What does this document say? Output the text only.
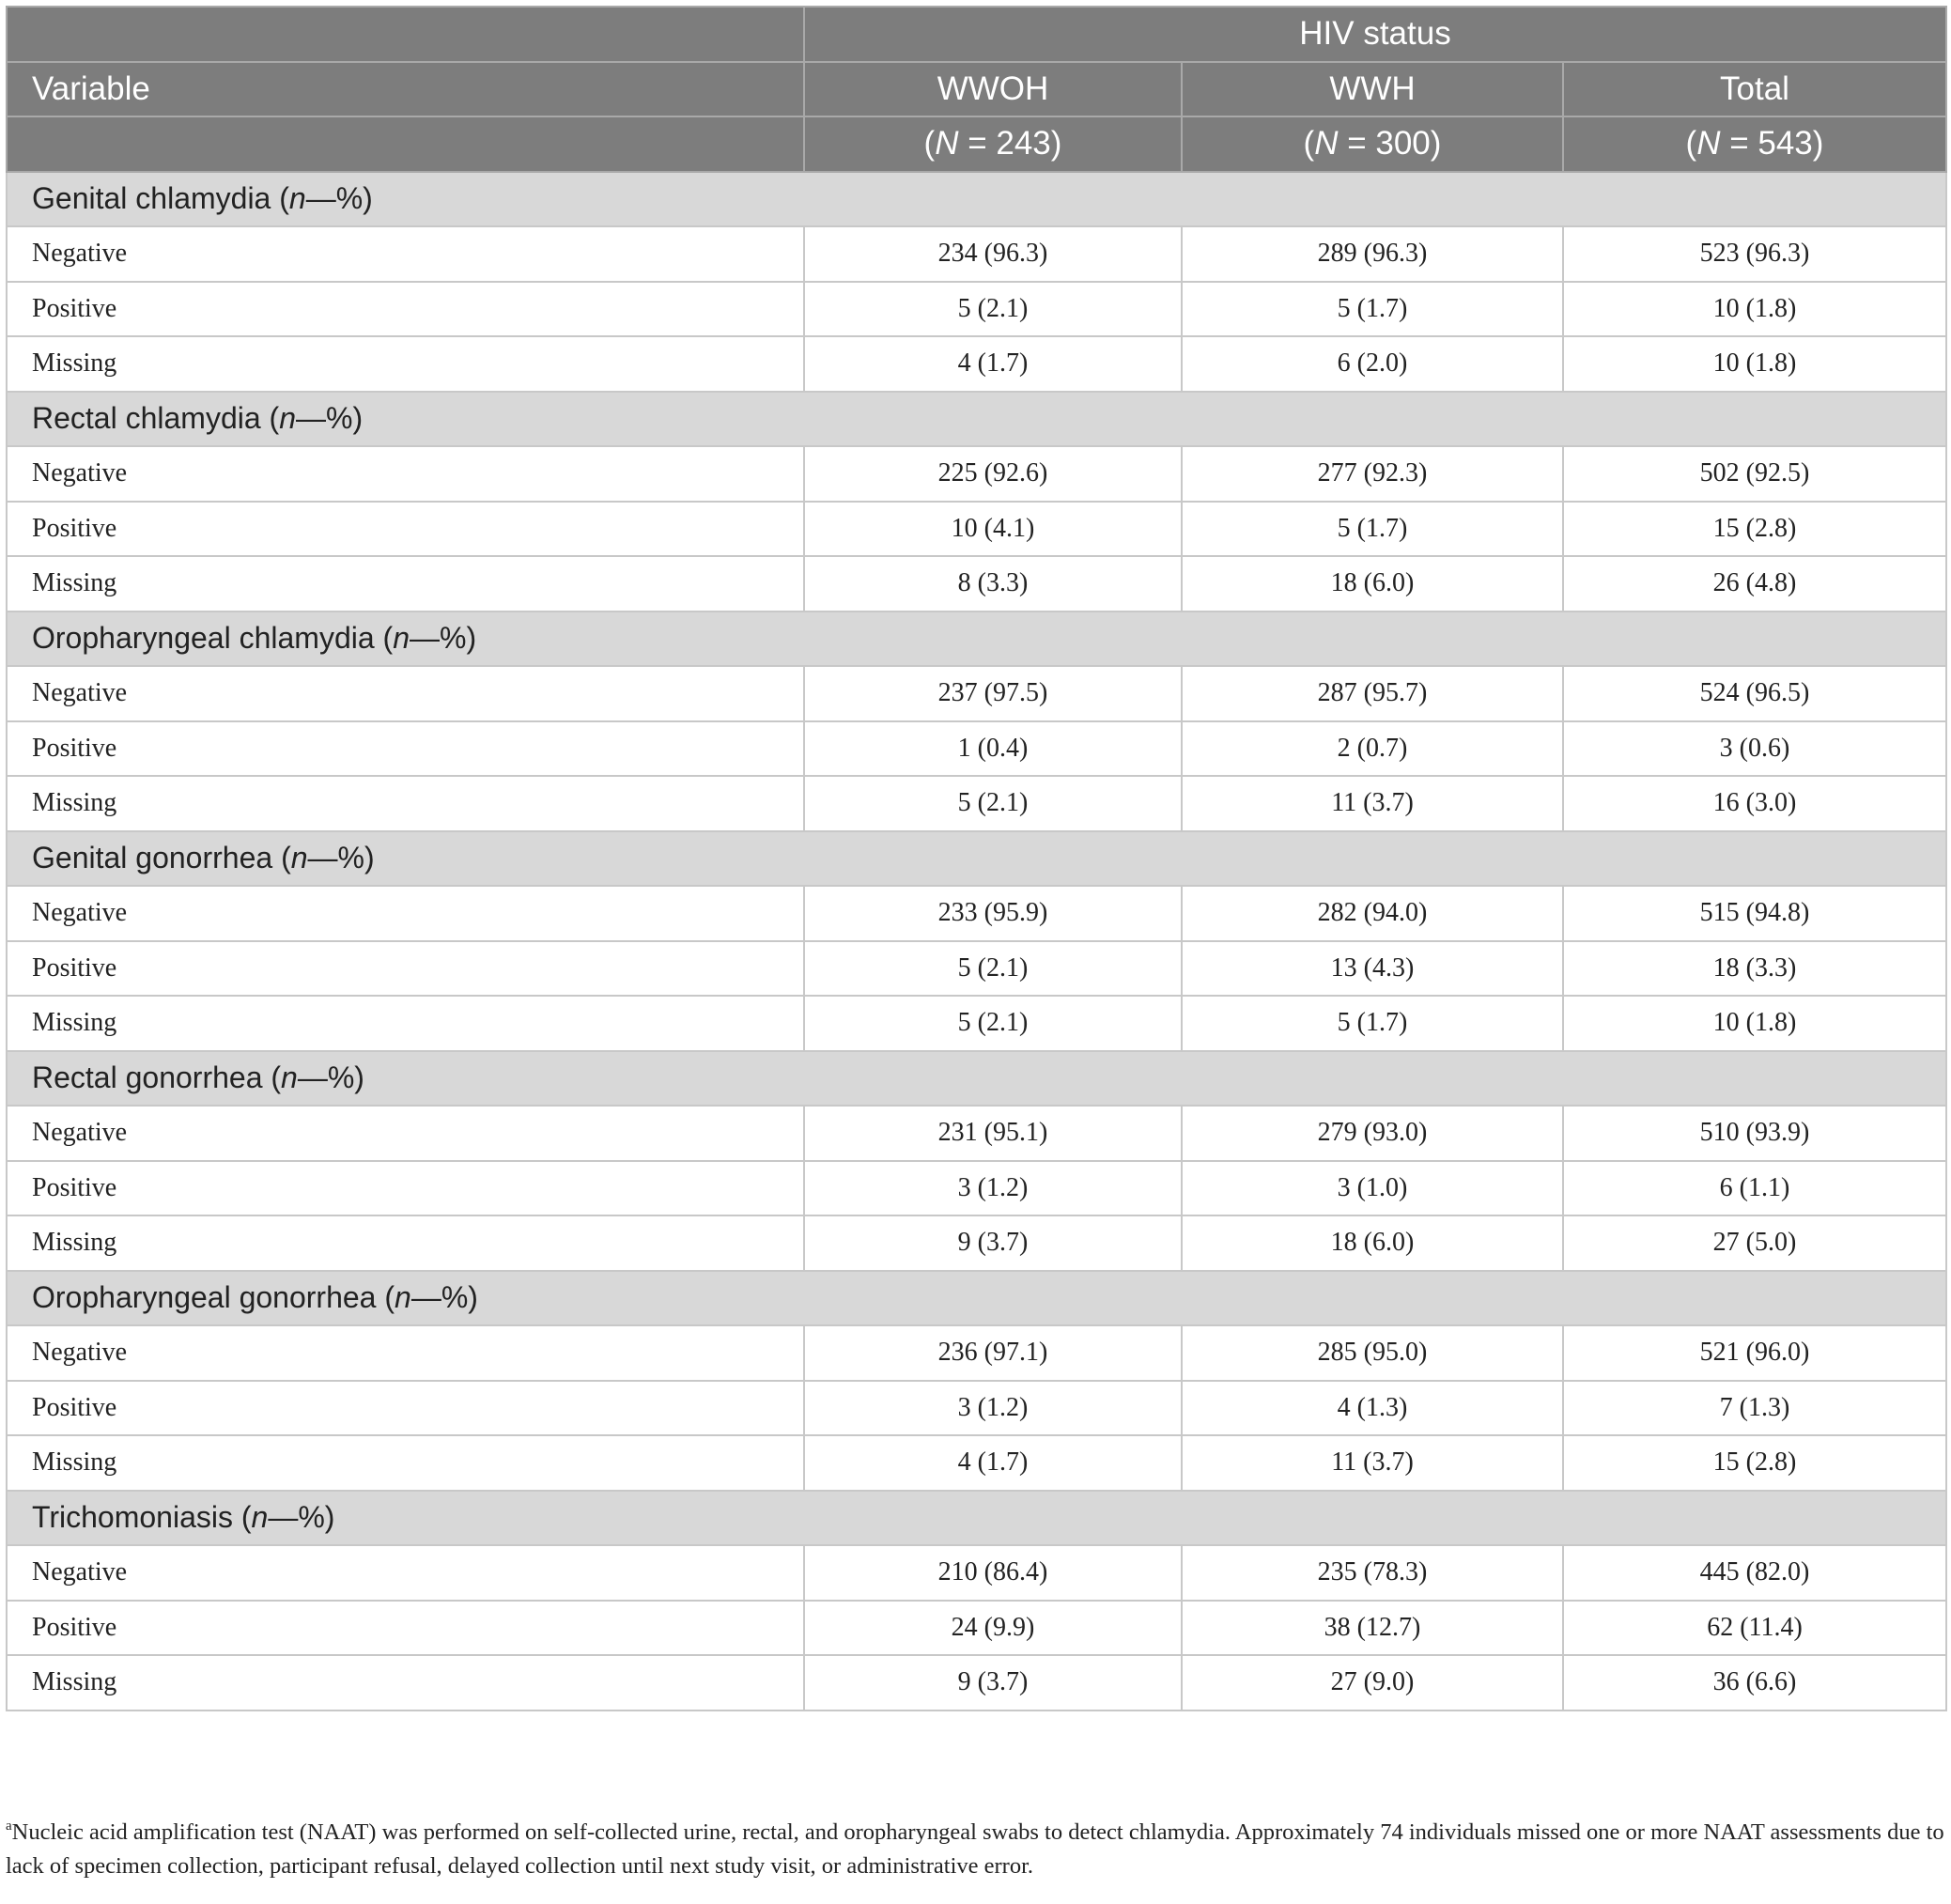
	HIV status		
Variable	WWOH	WWH	Total
	(N = 243)	(N = 300)	(N = 543)
Genital chlamydia (n—%)			
Negative	234 (96.3)	289 (96.3)	523 (96.3)
Positive	5 (2.1)	5 (1.7)	10 (1.8)
Missing	4 (1.7)	6 (2.0)	10 (1.8)
Rectal chlamydia (n—%)			
Negative	225 (92.6)	277 (92.3)	502 (92.5)
Positive	10 (4.1)	5 (1.7)	15 (2.8)
Missing	8 (3.3)	18 (6.0)	26 (4.8)
Oropharyngeal chlamydia (n—%)			
Negative	237 (97.5)	287 (95.7)	524 (96.5)
Positive	1 (0.4)	2 (0.7)	3 (0.6)
Missing	5 (2.1)	11 (3.7)	16 (3.0)
Genital gonorrhea (n—%)			
Negative	233 (95.9)	282 (94.0)	515 (94.8)
Positive	5 (2.1)	13 (4.3)	18 (3.3)
Missing	5 (2.1)	5 (1.7)	10 (1.8)
Rectal gonorrhea (n—%)			
Negative	231 (95.1)	279 (93.0)	510 (93.9)
Positive	3 (1.2)	3 (1.0)	6 (1.1)
Missing	9 (3.7)	18 (6.0)	27 (5.0)
Oropharyngeal gonorrhea (n—%)			
Negative	236 (97.1)	285 (95.0)	521 (96.0)
Positive	3 (1.2)	4 (1.3)	7 (1.3)
Missing	4 (1.7)	11 (3.7)	15 (2.8)
Trichomoniasis (n—%)			
Negative	210 (86.4)	235 (78.3)	445 (82.0)
Positive	24 (9.9)	38 (12.7)	62 (11.4)
Missing	9 (3.7)	27 (9.0)	36 (6.6)
$^a$Nucleic acid amplification test (NAAT) was performed on self-collected urine, rectal, and oropharyngeal swabs to detect chlamydia. Approximately 74 individuals missed one or more NAAT assessments due to lack of specimen collection, participant refusal, delayed collection until next study visit, or administrative error.
